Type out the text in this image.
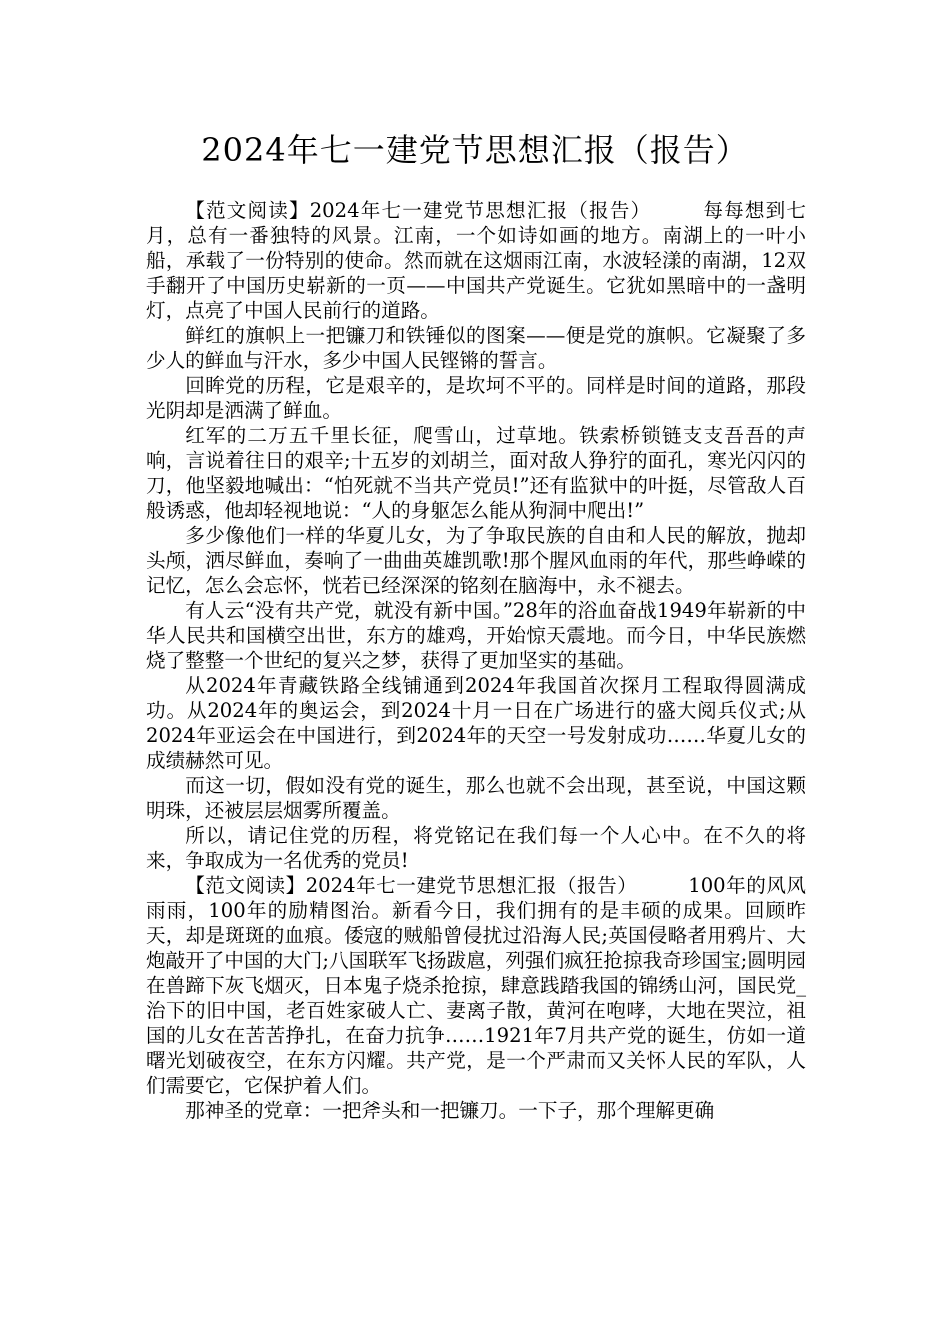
2024年七一建党节思想汇报（报告）

【范文阅读】2024年七一建党节思想汇报（报告）	每每想到七月，总有一番独特的风景。江南，一个如诗如画的地方。南湖上的一叶小船，承载了一份特别的使命。然而就在这烟雨江南，水波轻漾的南湖，12双手翻开了中国历史崭新的一页——中国共产党诞生。它犹如黑暗中的一盏明灯，点亮了中国人民前行的道路。

鲜红的旗帜上一把镰刀和铁锤似的图案——便是党的旗帜。它凝聚了多少人的鲜血与汗水，多少中国人民铿锵的誓言。

回眸党的历程，它是艰辛的，是坎坷不平的。同样是时间的道路，那段光阴却是洒满了鲜血。

红军的二万五千里长征，爬雪山，过草地。铁索桥锁链支支吾吾的声响，言说着往日的艰辛;十五岁的刘胡兰，面对敌人狰狞的面孔，寒光闪闪的刀，他坚毅地喊出：“怕死就不当共产党员!”还有监狱中的叶挺，尽管敌人百般诱惑，他却轻视地说：“人的身躯怎么能从狗洞中爬出!”

多少像他们一样的华夏儿女，为了争取民族的自由和人民的解放，抛却头颅，洒尽鲜血，奏响了一曲曲英雄凯歌!那个腥风血雨的年代，那些峥嵘的记忆，怎么会忘怀，恍若已经深深的铭刻在脑海中，永不褪去。

有人云“没有共产党，就没有新中国。”28年的浴血奋战1949年崭新的中华人民共和国横空出世，东方的雄鸡，开始惊天震地。而今日，中华民族燃烧了整整一个世纪的复兴之梦，获得了更加坚实的基础。

从2024年青藏铁路全线铺通到2024年我国首次探月工程取得圆满成功。从2024年的奥运会，到2024十月一日在广场进行的盛大阅兵仪式;从2024年亚运会在中国进行，到2024年的天空一号发射成功……华夏儿女的成绩赫然可见。

而这一切，假如没有党的诞生，那么也就不会出现，甚至说，中国这颗明珠，还被层层烟雾所覆盖。

所以，请记住党的历程，将党铭记在我们每一个人心中。在不久的将来，争取成为一名优秀的党员!

【范文阅读】2024年七一建党节思想汇报（报告）	100年的风风雨雨，100年的励精图治。新看今日，我们拥有的是丰硕的成果。回顾昨天，却是斑斑的血痕。倭寇的贼船曾侵扰过沿海人民;英国侵略者用鸦片、大炮敲开了中国的大门;八国联军飞扬跋扈，列强们疯狂抢掠我奇珍国宝;圆明园在兽蹄下灰飞烟灭，日本鬼子烧杀抢掠，肆意践踏我国的锦绣山河，国民党_治下的旧中国，老百姓家破人亡、妻离子散，黄河在咆哮，大地在哭泣，祖国的儿女在苦苦挣扎，在奋力抗争……1921年7月共产党的诞生，仿如一道曙光划破夜空，在东方闪耀。共产党，是一个严肃而又关怀人民的军队，人们需要它，它保护着人们。

那神圣的党章：一把斧头和一把镰刀。一下子，那个理解更确
